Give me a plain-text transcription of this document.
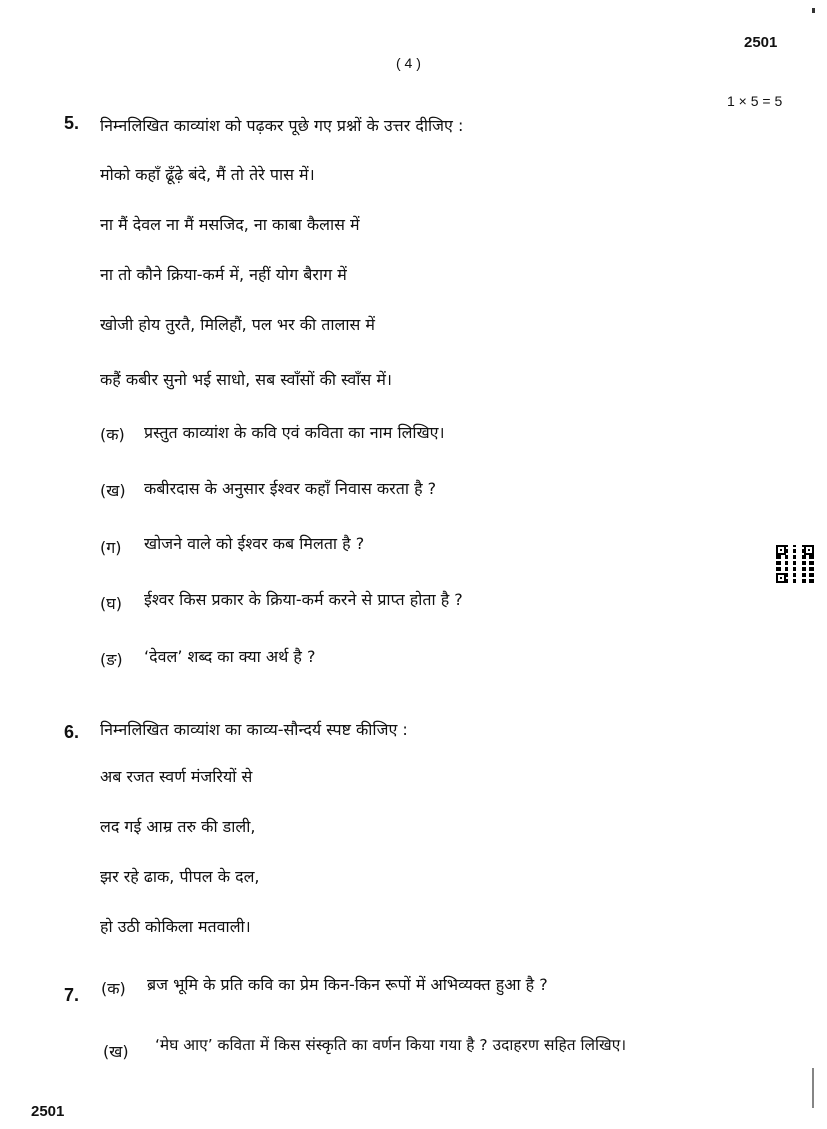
2501
( 4 )
1 × 5 = 5
5. निम्नलिखित काव्यांश को पढ़कर पूछे गए प्रश्नों के उत्तर दीजिए :
मोको कहाँ ढूँढ़े बंदे, मैं तो तेरे पास में।
ना मैं देवल ना मैं मसजिद, ना काबा कैलास में
ना तो कौने क्रिया-कर्म में, नहीं योग बैराग में
खोजी होय तुरतै, मिलिहौं, पल भर की तालास में
कहैं कबीर सुनो भई साधो, सब स्वाँसों की स्वाँस में।
(क) प्रस्तुत काव्यांश के कवि एवं कविता का नाम लिखिए।
(ख) कबीरदास के अनुसार ईश्वर कहाँ निवास करता है ?
(ग) खोजने वाले को ईश्वर कब मिलता है ?
(घ) ईश्वर किस प्रकार के क्रिया-कर्म करने से प्राप्त होता है ?
(ङ) ‘देवल’ शब्द का क्या अर्थ है ?
6. निम्नलिखित काव्यांश का काव्य-सौन्दर्य स्पष्ट कीजिए :
अब रजत स्वर्ण मंजरियों से
लद गई आम्र तरु की डाली,
झर रहे ढाक, पीपल के दल,
हो उठी कोकिला मतवाली।
7. (क) ब्रज भूमि के प्रति कवि का प्रेम किन-किन रूपों में अभिव्यक्त हुआ है ?
(ख) ‘मेघ आए’ कविता में किस संस्कृति का वर्णन किया गया है ? उदाहरण सहित लिखिए।
2501
